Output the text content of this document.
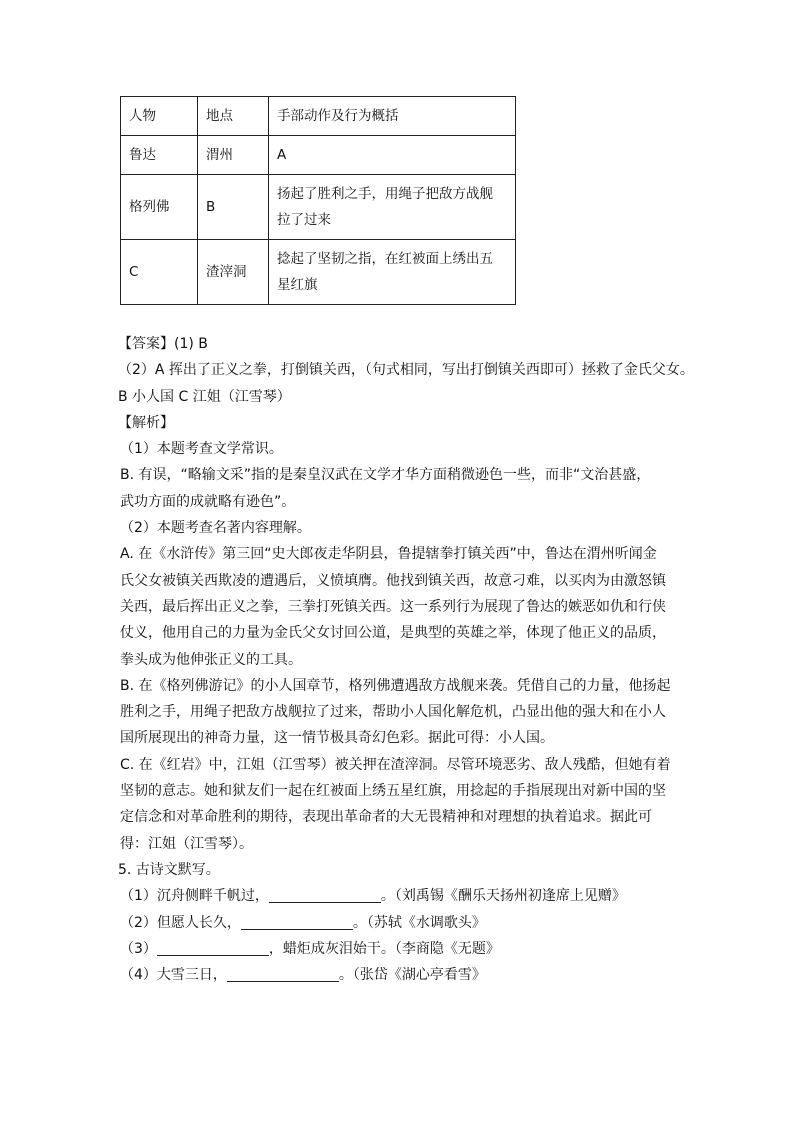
人物	地点	手部动作及行为概括
鲁达	渭州	A
格列佛	B	扬起了胜利之手，用绳子把敌方战舰
拉了过来

C	渣滓洞	捻起了坚韧之指，在红被面上绣出五
星红旗

【答案】(1) B

（2）A 挥出了正义之拳，打倒镇关西，（句式相同，写出打倒镇关西即可）拯救了金氏父女。

B 小人国 C 江姐（江雪琴）

【解析】

（1）本题考查文学常识。

B. 有误，“略输文采”指的是秦皇汉武在文学才华方面稍微逊色一些，而非“文治甚盛，

武功方面的成就略有逊色”。

（2）本题考查名著内容理解。

A. 在《水浒传》第三回“史大郎夜走华阴县，鲁提辖拳打镇关西”中，鲁达在渭州听闻金

氏父女被镇关西欺凌的遭遇后，义愤填膺。他找到镇关西，故意刁难，以买肉为由激怒镇

关西，最后挥出正义之拳，三拳打死镇关西。这一系列行为展现了鲁达的嫉恶如仇和行侠

仗义，他用自己的力量为金氏父女讨回公道，是典型的英雄之举，体现了他正义的品质，

拳头成为他伸张正义的工具。

B. 在《格列佛游记》的小人国章节，格列佛遭遇敌方战舰来袭。凭借自己的力量，他扬起

胜利之手，用绳子把敌方战舰拉了过来，帮助小人国化解危机，凸显出他的强大和在小人

国所展现出的神奇力量，这一情节极具奇幻色彩。据此可得：小人国。

C. 在《红岩》中，江姐（江雪琴）被关押在渣滓洞。尽管环境恶劣、敌人残酷，但她有着

坚韧的意志。她和狱友们一起在红被面上绣五星红旗，用捻起的手指展现出对新中国的坚

定信念和对革命胜利的期待，表现出革命者的大无畏精神和对理想的执着追求。据此可

得：江姐（江雪琴）。

5. 古诗文默写。

（1）沉舟侧畔千帆过，	。（刘禹锡《酬乐天扬州初逢席上见赠》

（2）但愿人长久，	。（苏轼《水调歌头》

（3）	，蜡炬成灰泪始干。（李商隐《无题》

（4）大雪三日，	。（张岱《湖心亭看雪》
